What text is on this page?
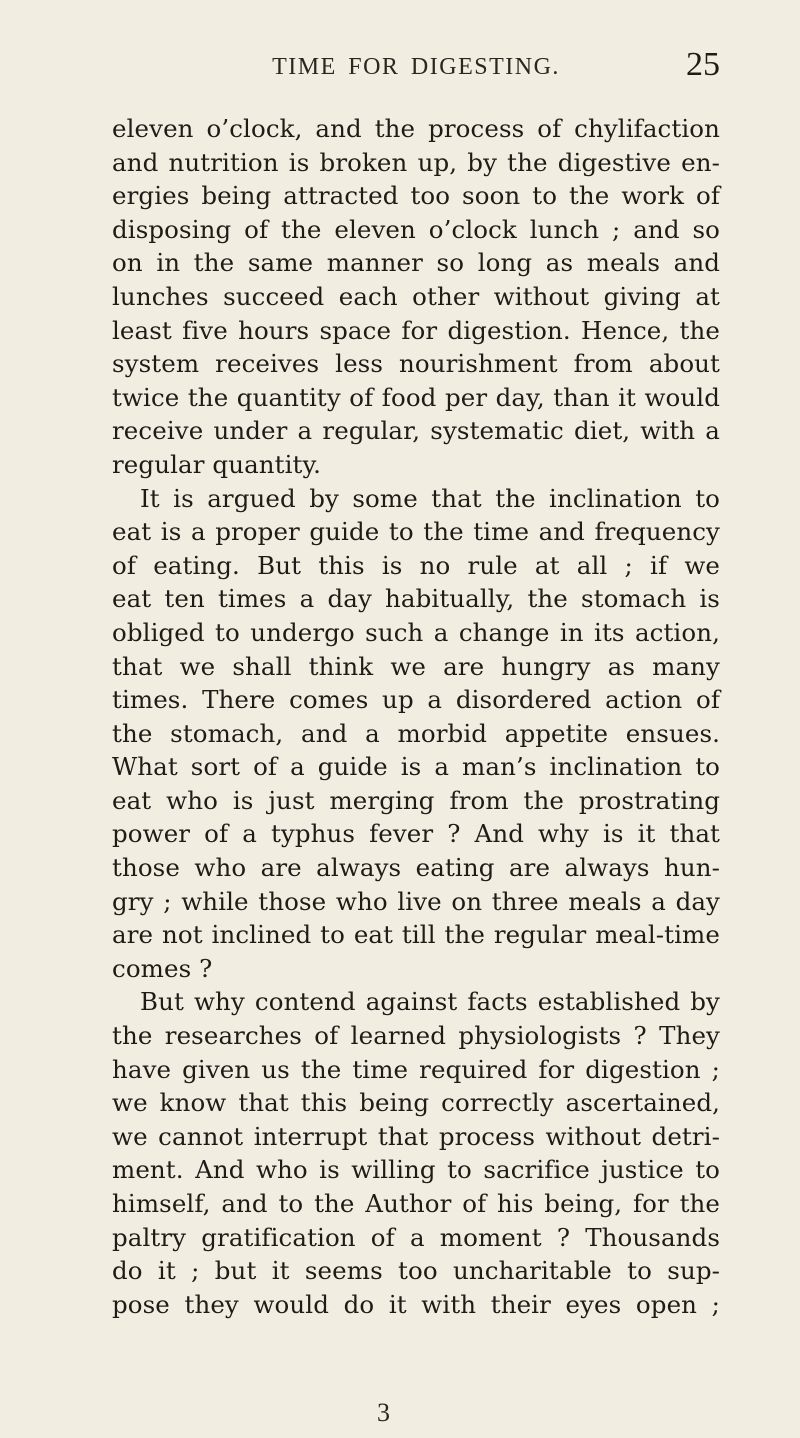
TIME FOR DIGESTING.	25
eleven o’clock, and the process of chylifaction
and nutrition is broken up, by the digestive en-
ergies being attracted too soon to the work of
disposing of the eleven o’clock lunch ; and so
on in the same manner so long as meals and
lunches succeed each other without giving at
least five hours space for digestion. Hence, the
system receives less nourishment from about
twice the quantity of food per day, than it would
receive under a regular, systematic diet, with a
regular quantity.
It is argued by some that the inclination to
eat is a proper guide to the time and frequency
of eating. But this is no rule at all ; if we
eat ten times a day habitually, the stomach is
obliged to undergo such a change in its action,
that we shall think we are hungry as many
times. There comes up a disordered action of
the stomach, and a morbid appetite ensues.
What sort of a guide is a man’s inclination to
eat who is just merging from the prostrating
power of a typhus fever ? And why is it that
those who are always eating are always hun-
gry ; while those who live on three meals a day
are not inclined to eat till the regular meal-time
comes ?
But why contend against facts established by
the researches of learned physiologists ? They
have given us the time required for digestion ;
we know that this being correctly ascertained,
we cannot interrupt that process without detri-
ment. And who is willing to sacrifice justice to
himself, and to the Author of his being, for the
paltry gratification of a moment ? Thousands
do it ; but it seems too uncharitable to sup-
pose they would do it with their eyes open ;
3
